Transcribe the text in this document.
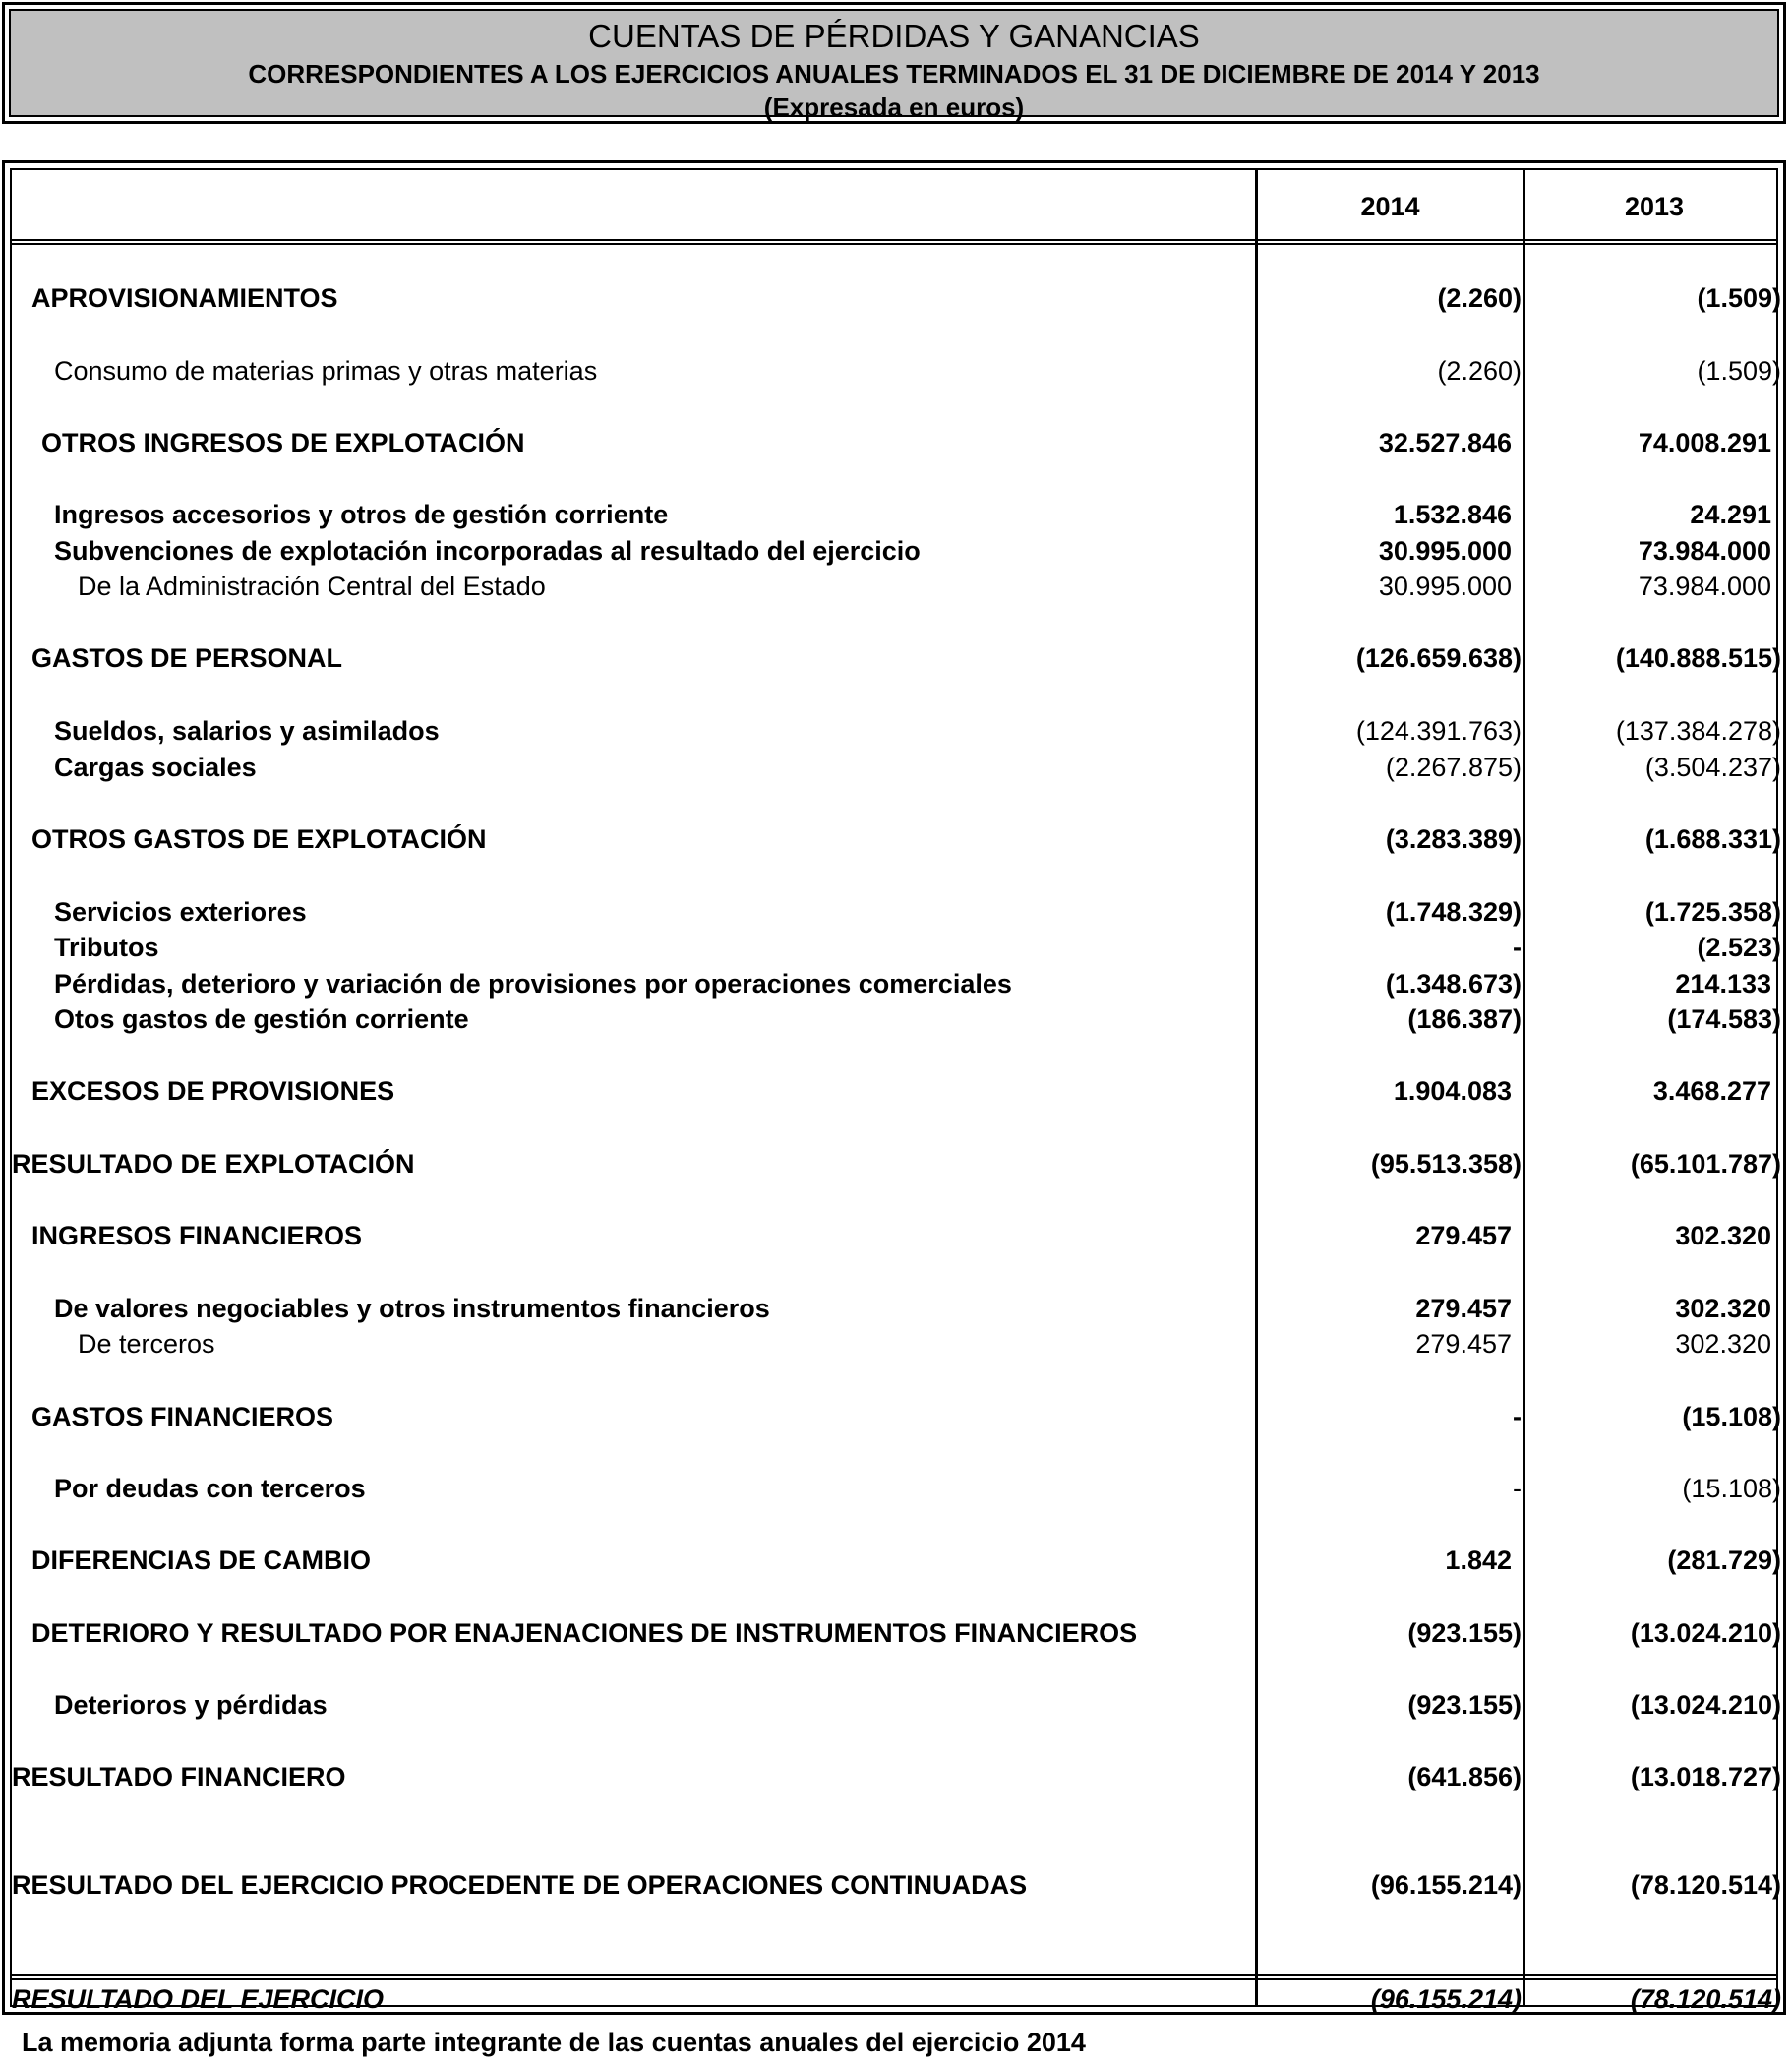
CUENTAS DE PÉRDIDAS Y GANANCIAS
CORRESPONDIENTES A LOS EJERCICIOS ANUALES TERMINADOS EL 31 DE DICIEMBRE DE 2014 Y 2013
(Expresada en euros)
2014	2013
APROVISIONAMIENTOS	(2.260)	(1.509)
Consumo de materias primas y otras materias	(2.260)	(1.509)
OTROS INGRESOS DE EXPLOTACIÓN	32.527.846	74.008.291
Ingresos accesorios y otros de gestión corriente	1.532.846	24.291
Subvenciones de explotación incorporadas al resultado del ejercicio	30.995.000	73.984.000
De la Administración Central del Estado	30.995.000	73.984.000
GASTOS DE PERSONAL	(126.659.638)	(140.888.515)
Sueldos, salarios y asimilados	(124.391.763)	(137.384.278)
Cargas sociales	(2.267.875)	(3.504.237)
OTROS GASTOS DE EXPLOTACIÓN	(3.283.389)	(1.688.331)
Servicios exteriores	(1.748.329)	(1.725.358)
Tributos	-	(2.523)
Pérdidas, deterioro y variación de provisiones por operaciones comerciales	(1.348.673)	214.133
Otos gastos de gestión corriente	(186.387)	(174.583)
EXCESOS DE PROVISIONES	1.904.083	3.468.277
RESULTADO DE EXPLOTACIÓN	(95.513.358)	(65.101.787)
INGRESOS FINANCIEROS	279.457	302.320
De valores negociables y otros instrumentos financieros	279.457	302.320
De terceros	279.457	302.320
GASTOS FINANCIEROS	-	(15.108)
Por deudas con terceros	-	(15.108)
DIFERENCIAS DE CAMBIO	1.842	(281.729)
DETERIORO Y RESULTADO POR ENAJENACIONES DE INSTRUMENTOS FINANCIEROS	(923.155)	(13.024.210)
Deterioros y pérdidas	(923.155)	(13.024.210)
RESULTADO FINANCIERO	(641.856)	(13.018.727)
RESULTADO DEL EJERCICIO PROCEDENTE DE OPERACIONES CONTINUADAS	(96.155.214)	(78.120.514)
RESULTADO DEL EJERCICIO	(96.155.214)	(78.120.514)
La memoria adjunta forma parte integrante de las cuentas anuales del ejercicio 2014
